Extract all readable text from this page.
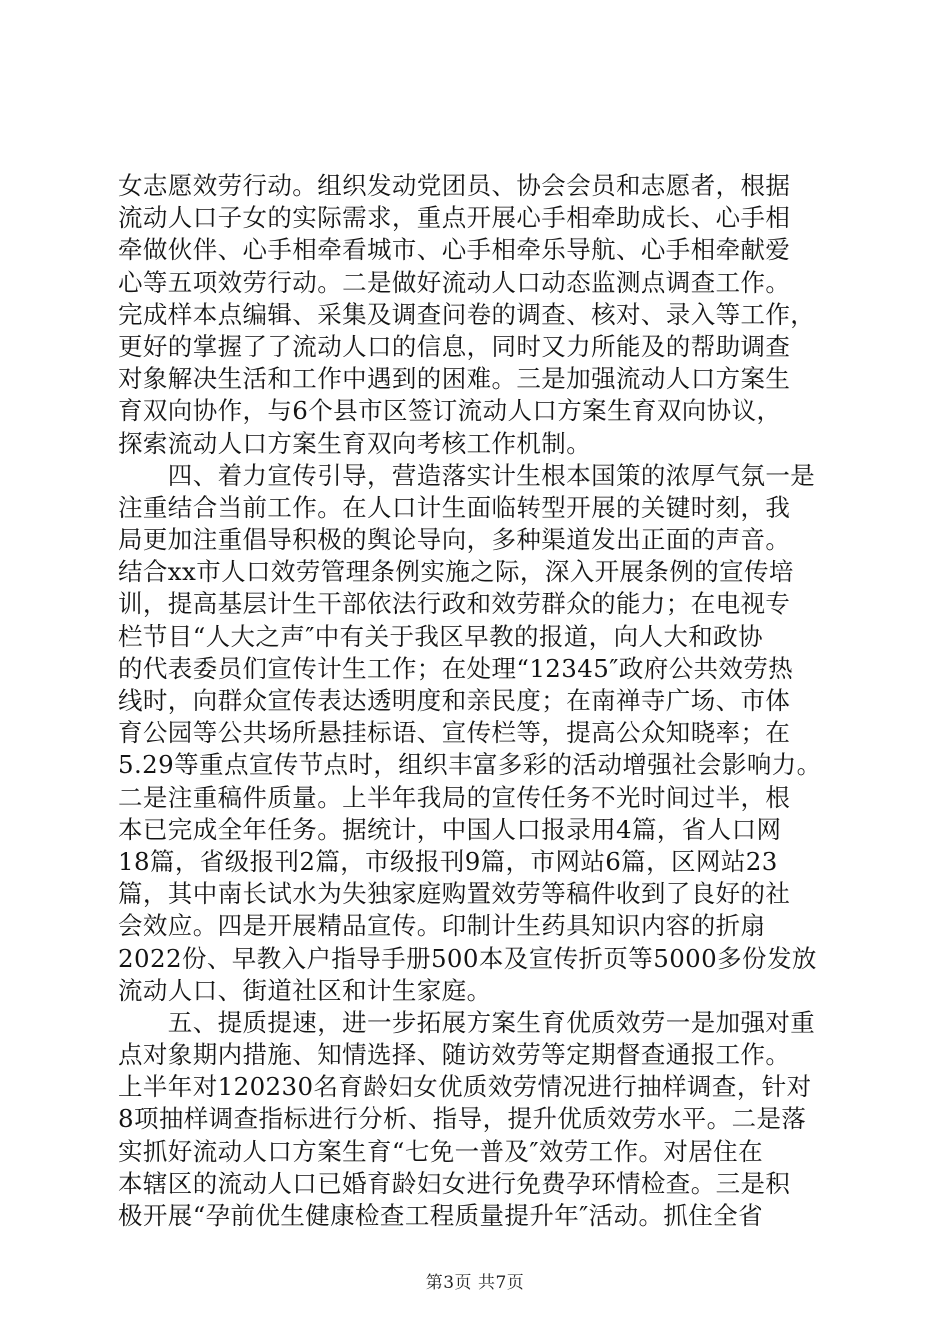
女志愿效劳行动。组织发动党团员、协会会员和志愿者，根据
流动人口子女的实际需求，重点开展心手相牵助成长、心手相
牵做伙伴、心手相牵看城市、心手相牵乐导航、心手相牵献爱
心等五项效劳行动。二是做好流动人口动态监测点调查工作。
完成样本点编辑、采集及调查问卷的调查、核对、录入等工作，
更好的掌握了了流动人口的信息，同时又力所能及的帮助调查
对象解决生活和工作中遇到的困难。三是加强流动人口方案生
育双向协作，与6个县市区签订流动人口方案生育双向协议，
探索流动人口方案生育双向考核工作机制。
　　四、着力宣传引导，营造落实计生根本国策的浓厚气氛一是
注重结合当前工作。在人口计生面临转型开展的关键时刻，我
局更加注重倡导积极的舆论导向，多种渠道发出正面的声音。
结合xx市人口效劳管理条例实施之际，深入开展条例的宣传培
训，提高基层计生干部依法行政和效劳群众的能力；在电视专
栏节目“人大之声″中有关于我区早教的报道，向人大和政协
的代表委员们宣传计生工作；在处理“12345″政府公共效劳热
线时，向群众宣传表达透明度和亲民度；在南禅寺广场、市体
育公园等公共场所悬挂标语、宣传栏等，提高公众知晓率；在
5.29等重点宣传节点时，组织丰富多彩的活动增强社会影响力。
二是注重稿件质量。上半年我局的宣传任务不光时间过半，根
本已完成全年任务。据统计，中国人口报录用4篇，省人口网
18篇，省级报刊2篇，市级报刊9篇，市网站6篇，区网站23
篇，其中南长试水为失独家庭购置效劳等稿件收到了良好的社
会效应。四是开展精品宣传。印制计生药具知识内容的折扇
2022份、早教入户指导手册500本及宣传折页等5000多份发放
流动人口、街道社区和计生家庭。
　　五、提质提速，进一步拓展方案生育优质效劳一是加强对重
点对象期内措施、知情选择、随访效劳等定期督查通报工作。
上半年对120230名育龄妇女优质效劳情况进行抽样调查，针对
8项抽样调查指标进行分析、指导，提升优质效劳水平。二是落
实抓好流动人口方案生育“七免一普及″效劳工作。对居住在
本辖区的流动人口已婚育龄妇女进行免费孕环情检查。三是积
极开展“孕前优生健康检查工程质量提升年″活动。抓住全省
第3页 共7页
